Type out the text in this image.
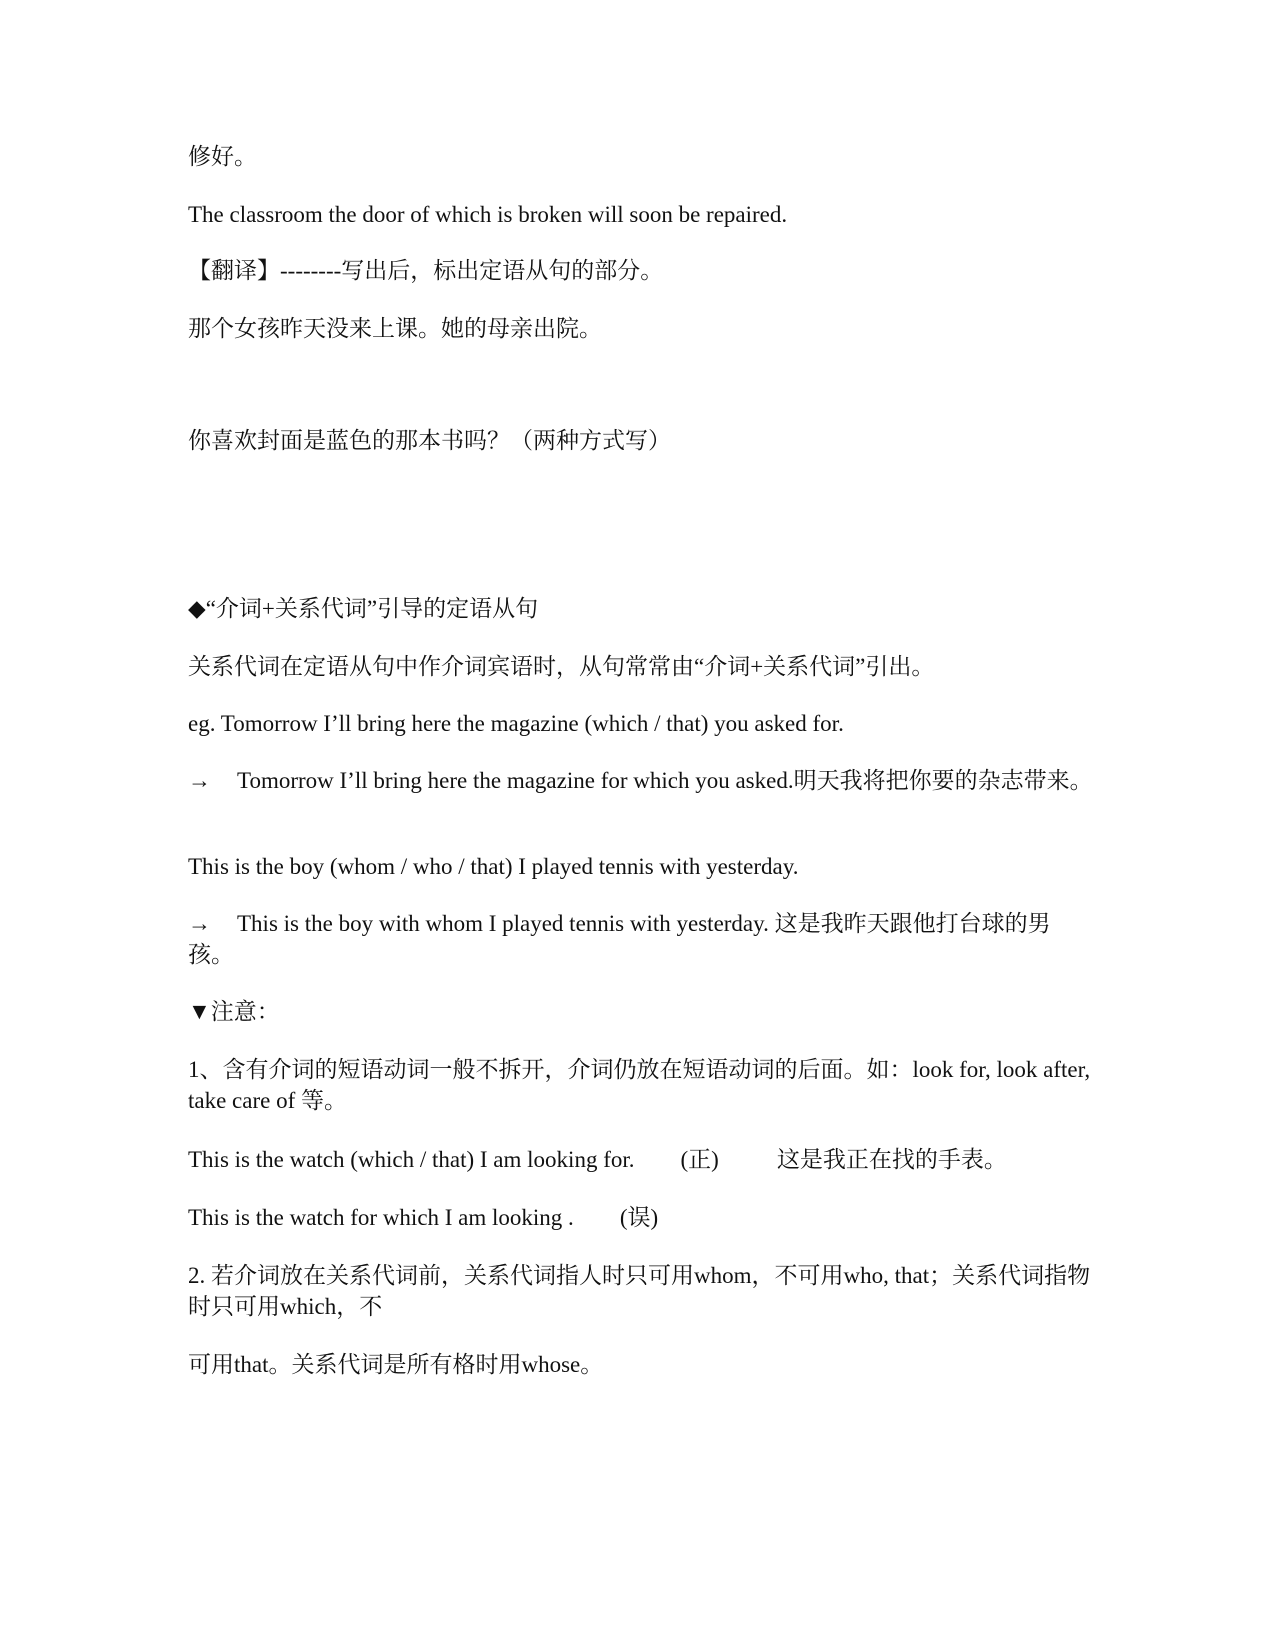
修好。

The classroom the door of which is broken will soon be repaired.

【翻译】--------写出后，标出定语从句的部分。

那个女孩昨天没来上课。她的母亲出院。

你喜欢封面是蓝色的那本书吗？（两种方式写）

◆“介词+关系代词”引导的定语从句

关系代词在定语从句中作介词宾语时，从句常常由“介词+关系代词”引出。

eg. Tomorrow I’ll bring here the magazine (which / that) you asked for.

→ Tomorrow I’ll bring here the magazine for which you asked.明天我将把你要的杂志带来。

This is the boy (whom / who / that) I played tennis with yesterday.

→ This is the boy with whom I played tennis with yesterday. 这是我昨天跟他打台球的男孩。

▼注意：

1、含有介词的短语动词一般不拆开，介词仍放在短语动词的后面。如：look for, look after, take care of 等。

This is the watch (which / that) I am looking for. (正)	这是我正在找的手表。

This is the watch for which I am looking . (误)

2. 若介词放在关系代词前，关系代词指人时只可用whom，不可用who, that；关系代词指物时只可用which，不

可用that。关系代词是所有格时用whose。
